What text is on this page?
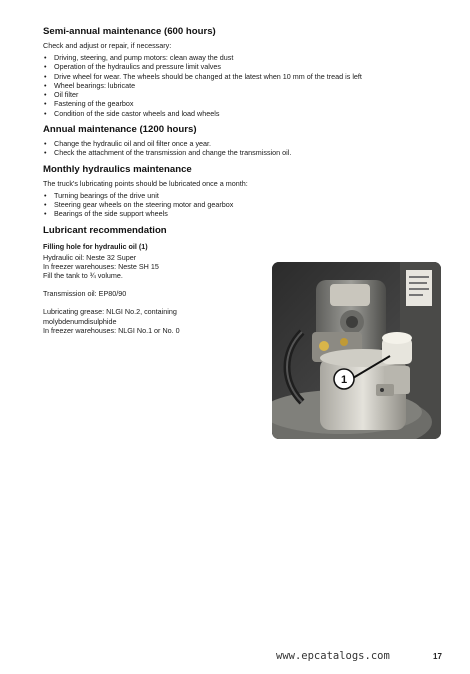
Semi-annual maintenance (600 hours)

Check and adjust or repair, if necessary:

• Driving, steering, and pump motors: clean away the dust
• Operation of the hydraulics and pressure limit valves
• Drive wheel for wear. The wheels should be changed at the latest when 10 mm of the tread is left
• Wheel bearings: lubricate
• Oil filter
• Fastening of the gearbox
• Condition of the side castor wheels and load wheels
Annual maintenance (1200 hours)
• Change the hydraulic oil and oil filter once a year.
• Check the attachment of the transmission and change the transmission oil.
Monthly hydraulics maintenance

The truck's lubricating points should be lubricated once a month:

• Turning bearings of the drive unit
• Steering gear wheels on the steering motor and gearbox
• Bearings of the side support wheels
Lubricant recommendation
Filling hole for hydraulic oil (1)

Hydraulic oil: Neste 32 Super

In freezer warehouses: Neste SH 15

Fill the tank to ¾ volume.

Transmission oil: EP80/90

Lubricating grease: NLGI No.2, containing

molybdenumdisulphide

In freezer warehouses: NLGI No.1 or No. 0

1
www.epcatalogs.com	17
